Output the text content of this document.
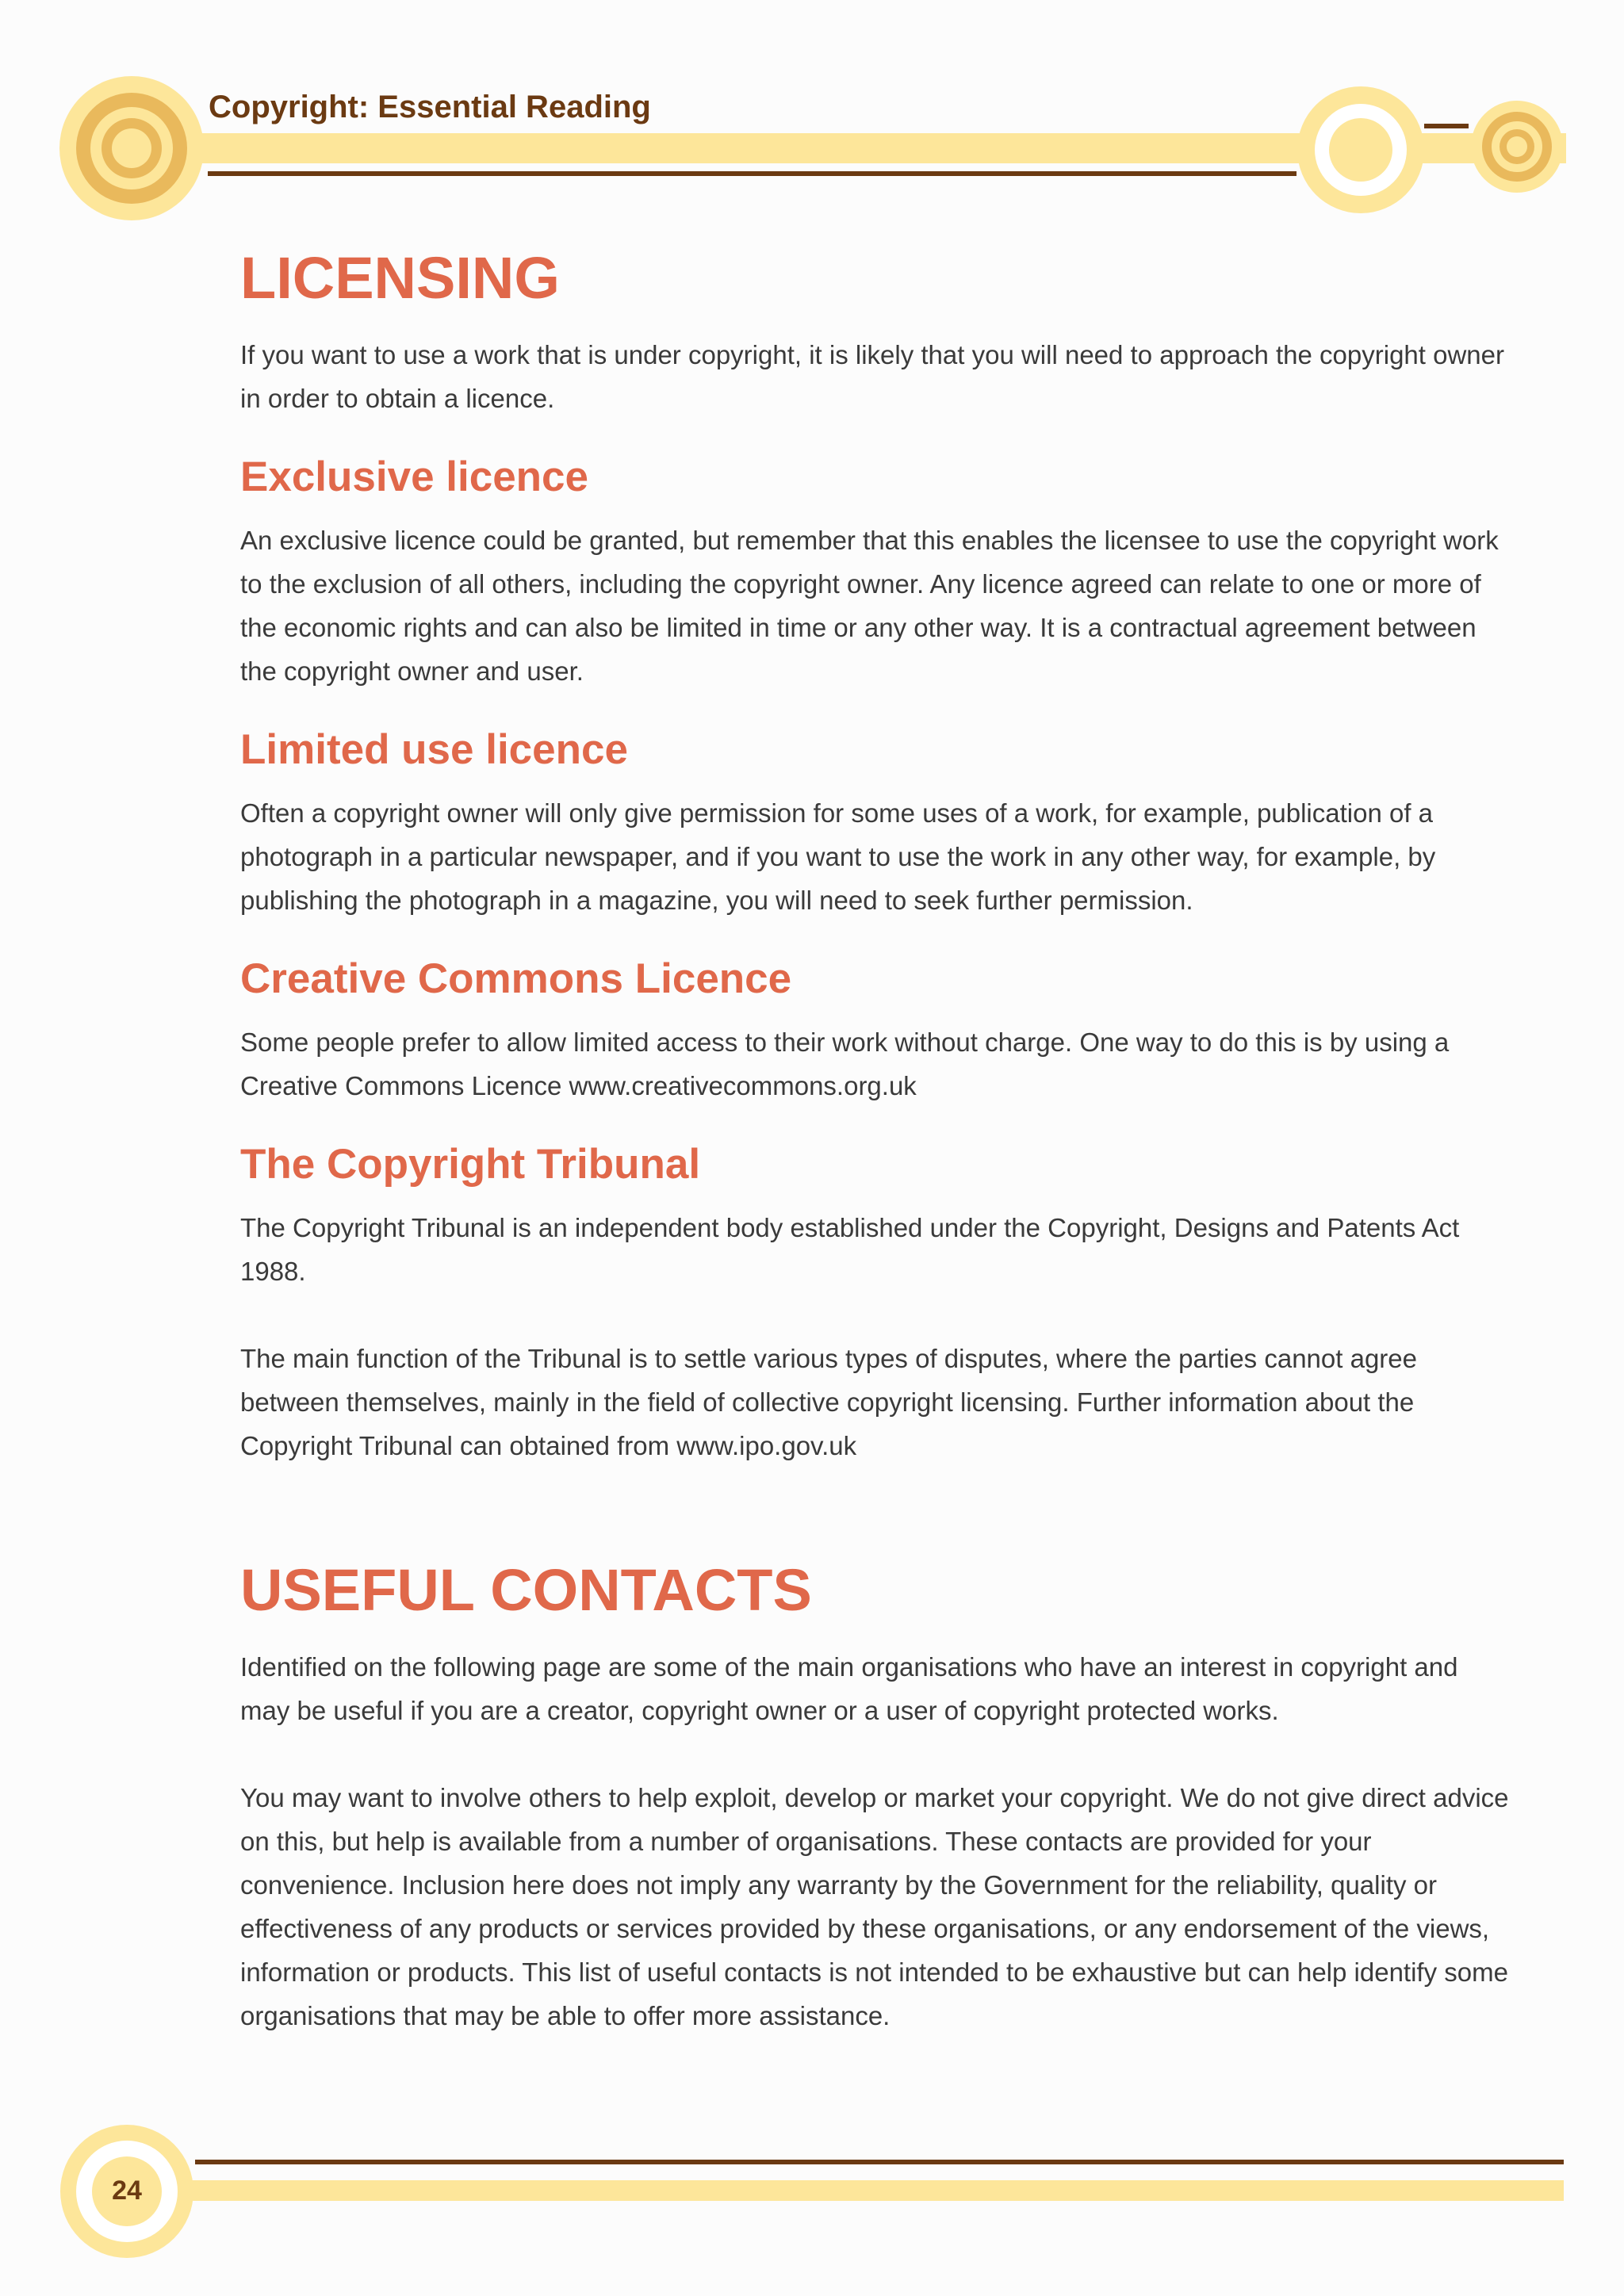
Copyright: Essential Reading
LICENSING

If you want to use a work that is under copyright, it is likely that you will need to approach the copyright owner in order to obtain a licence.

Exclusive licence

An exclusive licence could be granted, but remember that this enables the licensee to use the copyright work to the exclusion of all others, including the copyright owner. Any licence agreed can relate to one or more of the economic rights and can also be limited in time or any other way. It is a contractual agreement between the copyright owner and user.

Limited use licence

Often a copyright owner will only give permission for some uses of a work, for example, publication of a photograph in a particular newspaper, and if you want to use the work in any other way, for example, by publishing the photograph in a magazine, you will need to seek further permission.

Creative Commons Licence

Some people prefer to allow limited access to their work without charge. One way to do this is by using a Creative Commons Licence www.creativecommons.org.uk

The Copyright Tribunal

The Copyright Tribunal is an independent body established under the Copyright, Designs and Patents Act 1988.

The main function of the Tribunal is to settle various types of disputes, where the parties cannot agree between themselves, mainly in the field of collective copyright licensing. Further information about the Copyright Tribunal can obtained from www.ipo.gov.uk

USEFUL CONTACTS

Identified on the following page are some of the main organisations who have an interest in copyright and may be useful if you are a creator, copyright owner or a user of copyright protected works.

You may want to involve others to help exploit, develop or market your copyright. We do not give direct advice on this, but help is available from a number of organisations. These contacts are provided for your convenience. Inclusion here does not imply any warranty by the Government for the reliability, quality or effectiveness of any products or services provided by these organisations, or any endorsement of the views, information or products. This list of useful contacts is not intended to be exhaustive but can help identify some organisations that may be able to offer more assistance.

24
